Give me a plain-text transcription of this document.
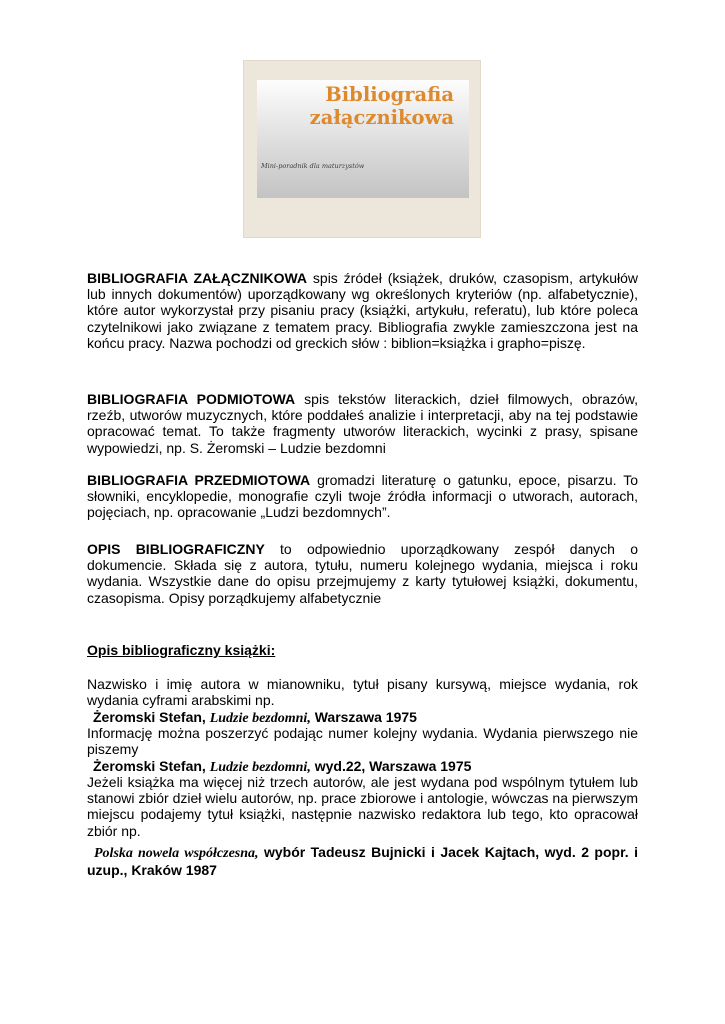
Bibliografia
załącznikowa
Mini-poradnik dla maturzystów

BIBLIOGRAFIA ZAŁĄCZNIKOWA spis źródeł (książek, druków, czasopism, artykułów lub innych dokumentów) uporządkowany wg określonych kryteriów (np. alfabetycznie), które autor wykorzystał przy pisaniu pracy (książki, artykułu, referatu), lub które poleca czytelnikowi jako związane z tematem pracy. Bibliografia zwykle zamieszczona jest na końcu pracy. Nazwa pochodzi od greckich słów : biblion=książka i grapho=piszę.

BIBLIOGRAFIA PODMIOTOWA spis tekstów literackich, dzieł filmowych, obrazów, rzeźb, utworów muzycznych, które poddałeś analizie i interpretacji, aby na tej podstawie opracować temat. To także fragmenty utworów literackich, wycinki z prasy, spisane wypowiedzi, np. S. Żeromski – Ludzie bezdomni

BIBLIOGRAFIA PRZEDMIOTOWA gromadzi literaturę o gatunku, epoce, pisarzu. To słowniki, encyklopedie, monografie czyli twoje źródła informacji o utworach, autorach, pojęciach, np. opracowanie „Ludzi bezdomnych”.

OPIS BIBLIOGRAFICZNY to odpowiednio uporządkowany zespół danych o dokumencie. Składa się z autora, tytułu, numeru kolejnego wydania, miejsca i roku wydania. Wszystkie dane do opisu przejmujemy z karty tytułowej książki, dokumentu, czasopisma. Opisy porządkujemy alfabetycznie

Opis bibliograficzny książki:

Nazwisko i imię autora w mianowniku, tytuł pisany kursywą, miejsce wydania, rok wydania cyframi arabskimi np.

Żeromski Stefan, Ludzie bezdomni, Warszawa 1975

Informację można poszerzyć podając numer kolejny wydania. Wydania pierwszego nie piszemy

Żeromski Stefan, Ludzie bezdomni, wyd.22, Warszawa 1975

Jeżeli książka ma więcej niż trzech autorów, ale jest wydana pod wspólnym tytułem lub stanowi zbiór dzieł wielu autorów, np. prace zbiorowe i antologie, wówczas na pierwszym miejscu podajemy tytuł książki, następnie nazwisko redaktora lub tego, kto opracował zbiór np.

Polska nowela współczesna, wybór Tadeusz Bujnicki i Jacek Kajtach, wyd. 2 popr. i uzup., Kraków 1987
